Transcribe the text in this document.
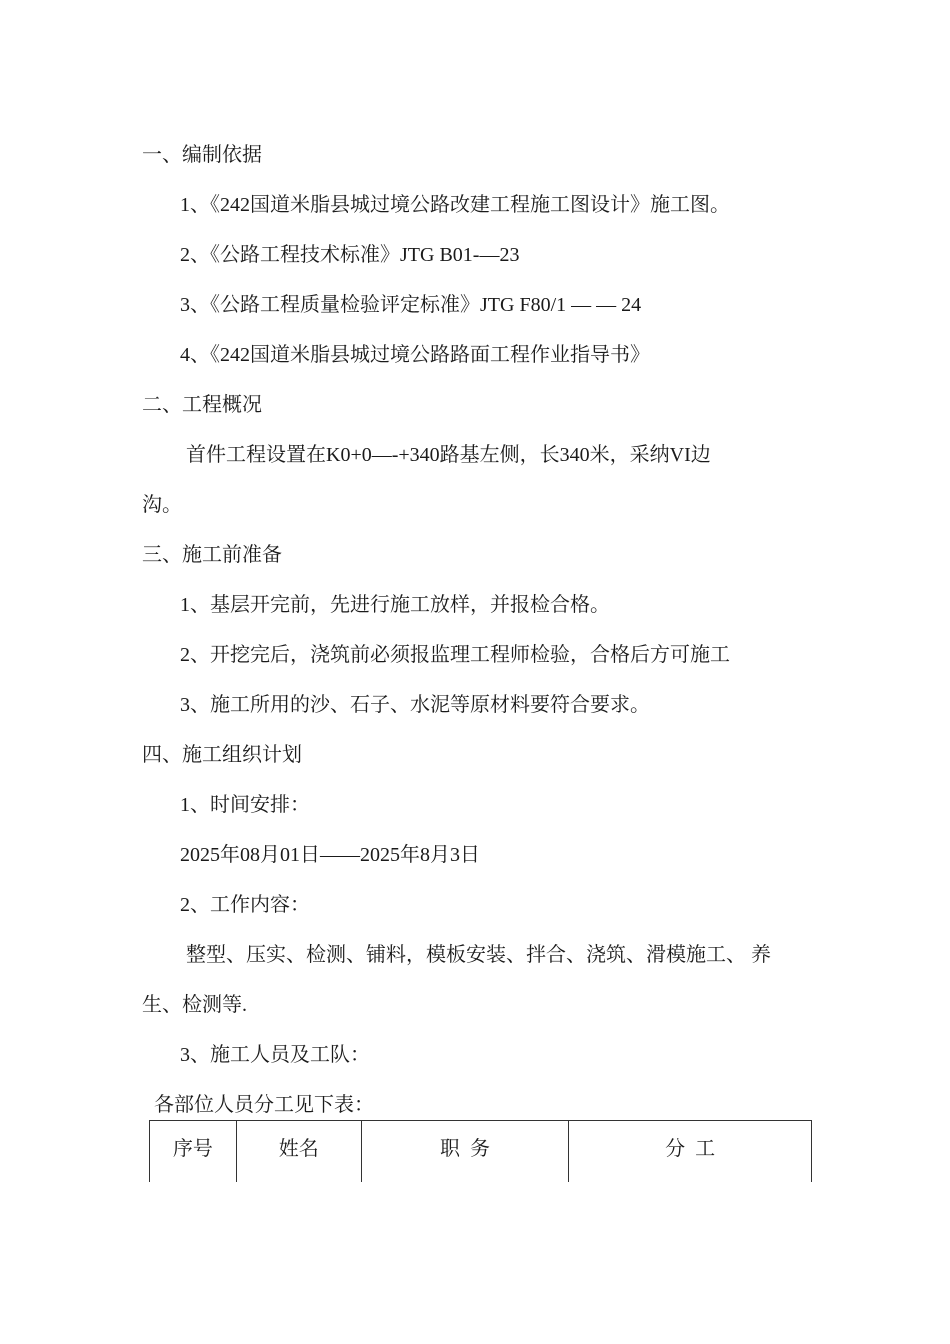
一、编制依据
1、《242国道米脂县城过境公路改建工程施工图设计》施工图。
2、《公路工程技术标准》JTG B01-—23
3、《公路工程质量检验评定标准》JTG F80/1 — — 24
4、《242国道米脂县城过境公路路面工程作业指导书》
二、工程概况
首件工程设置在K0+0—-+340路基左侧，长340米，采纳VI边
沟。
三、施工前准备
1、基层开完前，先进行施工放样，并报检合格。
2、开挖完后，浇筑前必须报监理工程师检验，合格后方可施工
3、施工所用的沙、石子、水泥等原材料要符合要求。
四、施工组织计划
1、时间安排：
2025年08月01日——2025年8月3日
2、工作内容：
整型、压实、检测、铺料，模板安装、拌合、浇筑、滑模施工、 养
生、检测等.
3、施工人员及工队：
各部位人员分工见下表：
序号	姓名	职  务	分  工
